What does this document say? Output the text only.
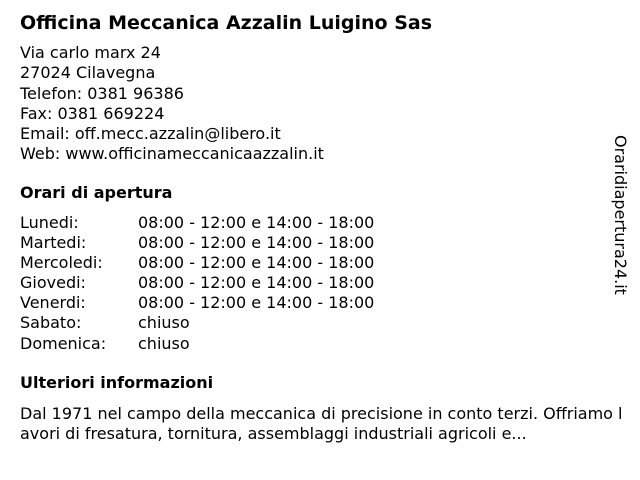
Officina Meccanica Azzalin Luigino Sas
Via carlo marx 24
27024 Cilavegna
Telefon: 0381 96386
Fax: 0381 669224
Email: off.mecc.azzalin@libero.it
Web: www.officinameccanicaazzalin.it
Orari di apertura
Lunedi:	08:00 - 12:00 e 14:00 - 18:00
Martedi:	08:00 - 12:00 e 14:00 - 18:00
Mercoledi:	08:00 - 12:00 e 14:00 - 18:00
Giovedi:	08:00 - 12:00 e 14:00 - 18:00
Venerdi:	08:00 - 12:00 e 14:00 - 18:00
Sabato:	chiuso
Domenica:	chiuso
Ulteriori informazioni
Dal 1971 nel campo della meccanica di precisione in conto terzi. Offriamo lavori di fresatura, tornitura, assemblaggi industriali agricoli e...
Oraridiapertura24.it
